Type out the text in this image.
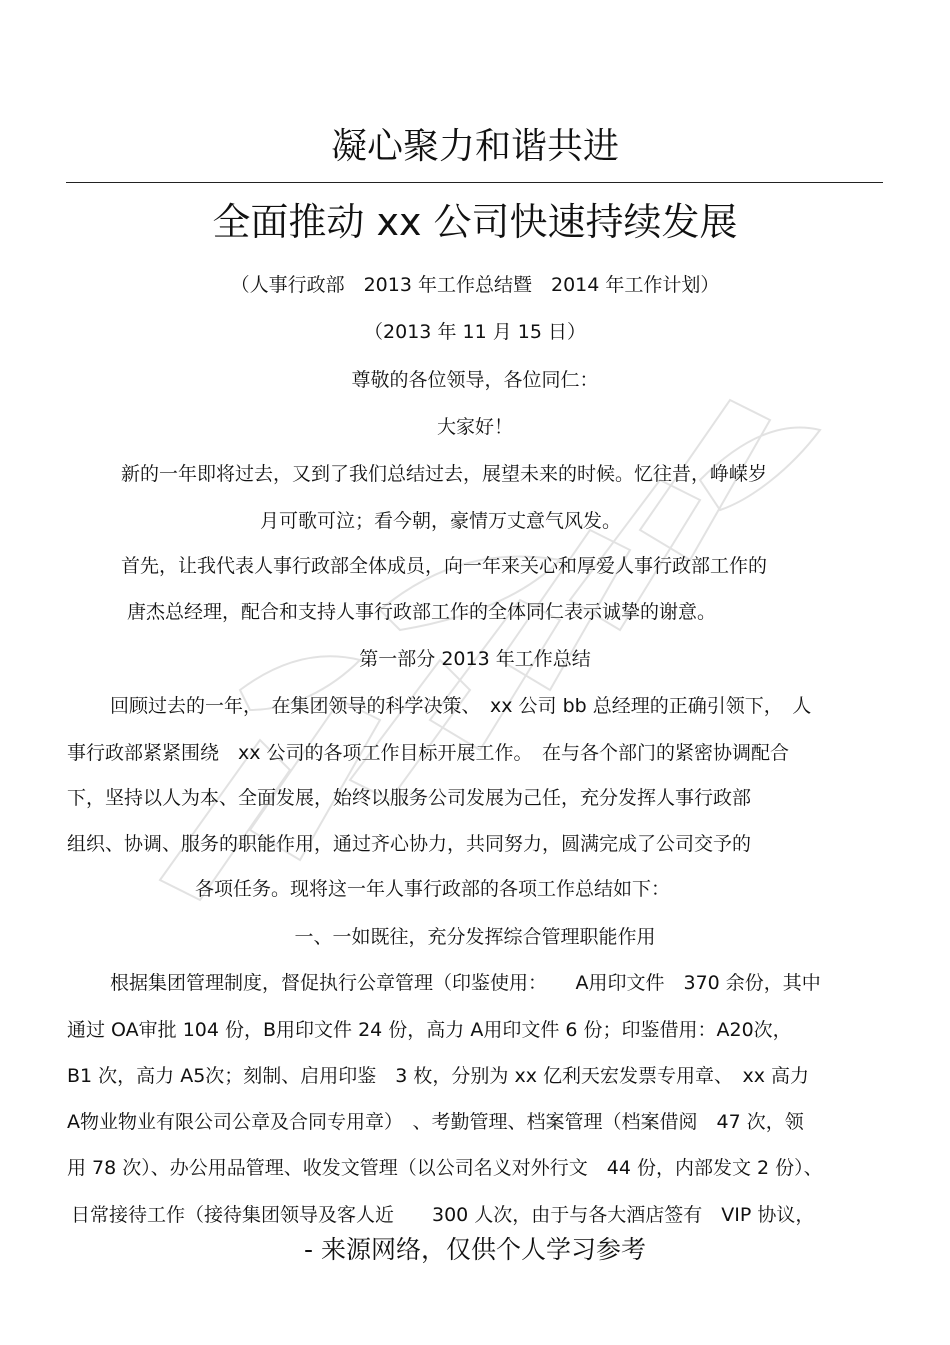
凝心聚力和谐共进
全面推动 xx 公司快速持续发展
（人事行政部　2013 年工作总结暨　2014 年工作计划）
（2013 年 11 月 15 日）
尊敬的各位领导，各位同仁：
大家好！
新的一年即将过去，又到了我们总结过去，展望未来的时候。忆往昔，峥嵘岁
月可歌可泣；看今朝，豪情万丈意气风发。
首先，让我代表人事行政部全体成员，向一年来关心和厚爱人事行政部工作的
唐杰总经理，配合和支持人事行政部工作的全体同仁表示诚挚的谢意。
第一部分 2013 年工作总结
回顾过去的一年，　在集团领导的科学决策、　xx 公司 bb 总经理的正确引领下，　人
事行政部紧紧围绕　xx 公司的各项工作目标开展工作。　在与各个部门的紧密协调配合
下，坚持以人为本、全面发展，始终以服务公司发展为己任，充分发挥人事行政部
组织、协调、服务的职能作用，通过齐心协力，共同努力，圆满完成了公司交予的
各项任务。现将这一年人事行政部的各项工作总结如下：
一、一如既往，充分发挥综合管理职能作用
根据集团管理制度，督促执行公章管理（印鉴使用：　　A用印文件　370 余份，其中
通过 OA审批 104 份，B用印文件 24 份，高力 A用印文件 6 份；印鉴借用：A20次，
B1 次，高力 A5次；刻制、启用印鉴　3 枚，分别为 xx 亿利天宏发票专用章、　xx 高力
A物业物业有限公司公章及合同专用章）　、考勤管理、档案管理（档案借阅　47 次，领
用 78 次）、办公用品管理、收发文管理（以公司名义对外行文　44 份，内部发文 2 份）、
日常接待工作（接待集团领导及客人近　　300 人次，由于与各大酒店签有　VIP 协议，
- 来源网络，仅供个人学习参考
